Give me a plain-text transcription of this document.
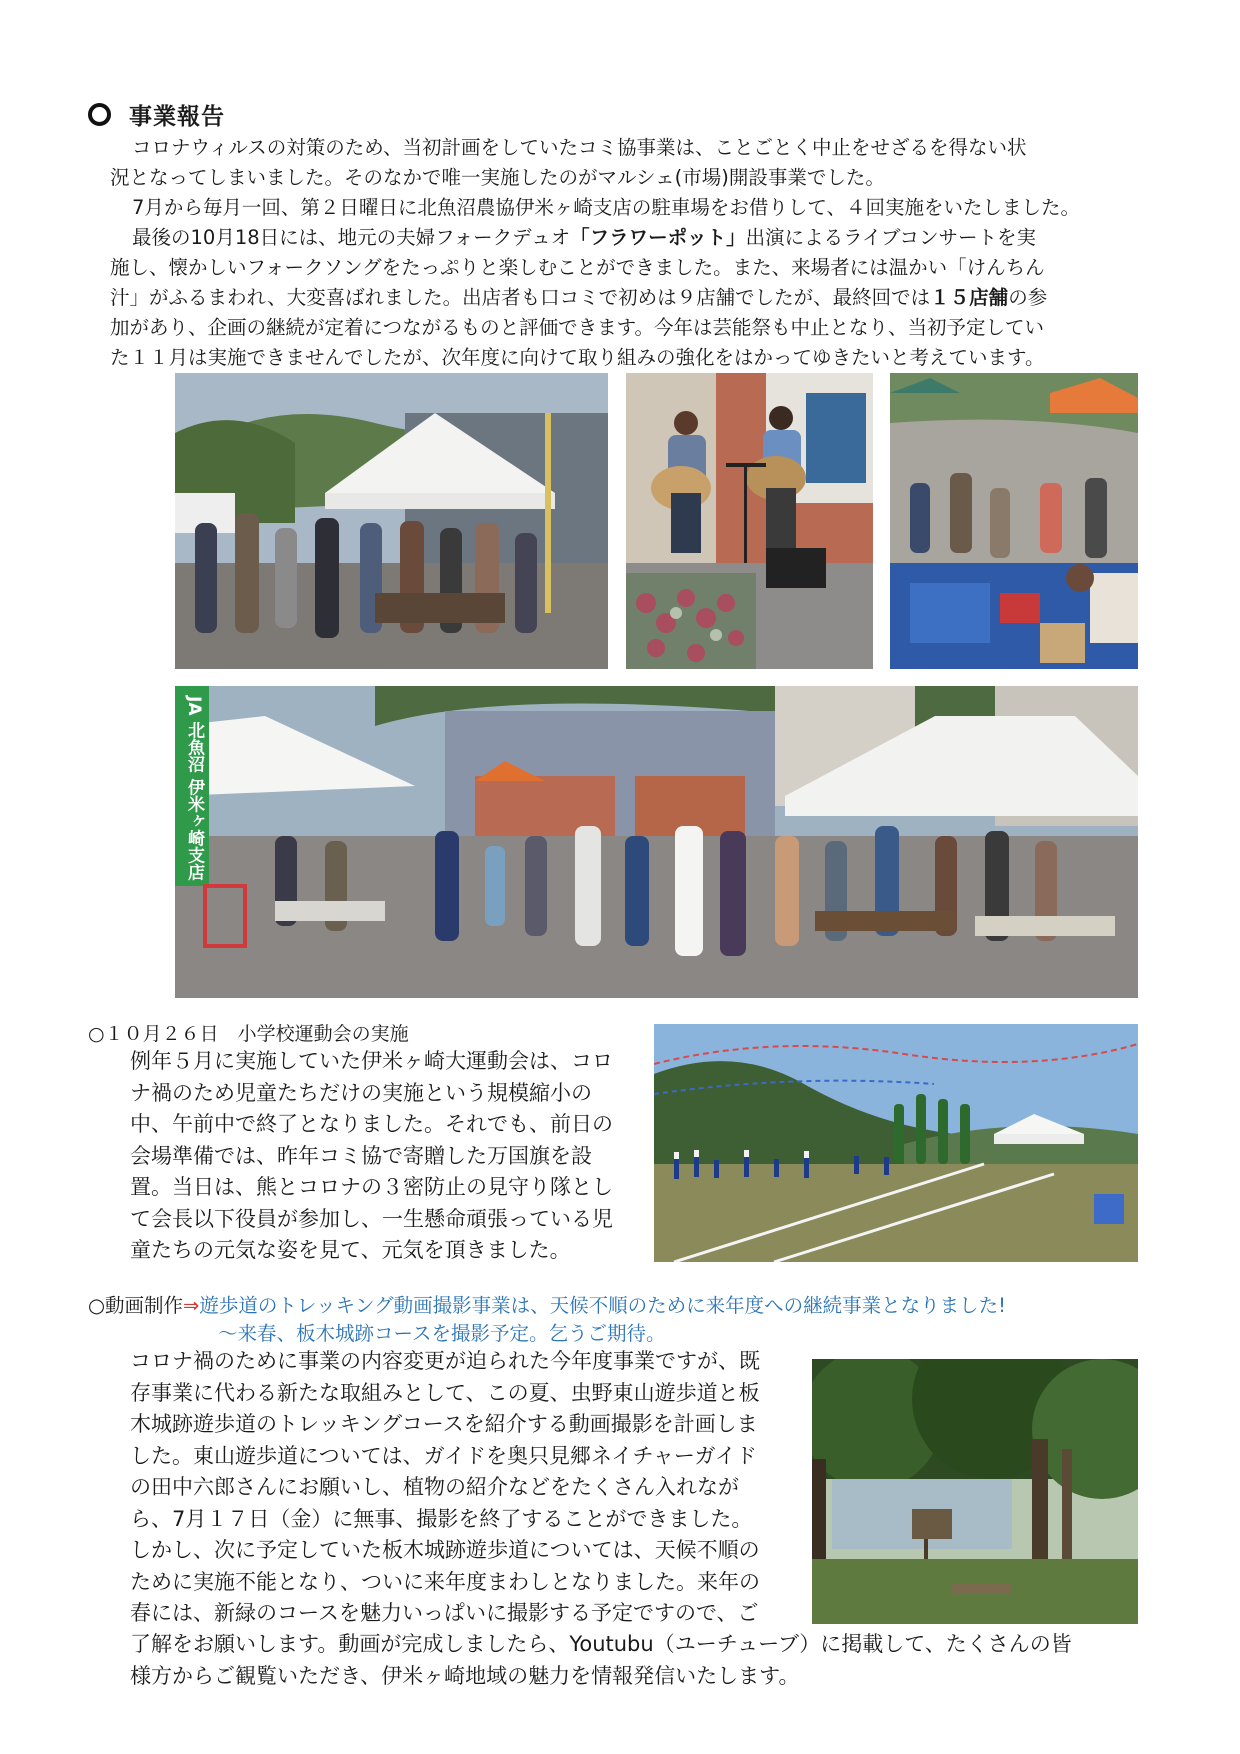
事業報告
コロナウィルスの対策のため、当初計画をしていたコミ協事業は、ことごとく中止をせざるを得ない状
況となってしまいました。そのなかで唯一実施したのがマルシェ(市場)開設事業でした。
7月から毎月一回、第２日曜日に北魚沼農協伊米ヶ崎支店の駐車場をお借りして、４回実施をいたしました。
最後の10月18日には、地元の夫婦フォークデュオ「フラワーポット」出演によるライブコンサートを実
施し、懐かしいフォークソングをたっぷりと楽しむことができました。また、来場者には温かい「けんちん
汁」がふるまわれ、大変喜ばれました。出店者も口コミで初めは９店舗でしたが、最終回では１５店舗の参
加があり、企画の継続が定着につながるものと評価できます。今年は芸能祭も中止となり、当初予定してい
た１１月は実施できませんでしたが、次年度に向けて取り組みの強化をはかってゆきたいと考えています。
JA 北魚沼 伊米ヶ崎支店
○１０月２６日　小学校運動会の実施
例年５月に実施していた伊米ヶ崎大運動会は、コロ
ナ禍のため児童たちだけの実施という規模縮小の
中、午前中で終了となりました。それでも、前日の
会場準備では、昨年コミ協で寄贈した万国旗を設
置。当日は、熊とコロナの３密防止の見守り隊とし
て会長以下役員が参加し、一生懸命頑張っている児
童たちの元気な姿を見て、元気を頂きました。
○動画制作⇒遊歩道のトレッキング動画撮影事業は、天候不順のために来年度への継続事業となりました!
～来春、板木城跡コースを撮影予定。乞うご期待。
コロナ禍のために事業の内容変更が迫られた今年度事業ですが、既
存事業に代わる新たな取組みとして、この夏、虫野東山遊歩道と板
木城跡遊歩道のトレッキングコースを紹介する動画撮影を計画しま
した。東山遊歩道については、ガイドを奥只見郷ネイチャーガイド
の田中六郎さんにお願いし、植物の紹介などをたくさん入れなが
ら、7月１７日（金）に無事、撮影を終了することができました。
しかし、次に予定していた板木城跡遊歩道については、天候不順の
ために実施不能となり、ついに来年度まわしとなりました。来年の
春には、新緑のコースを魅力いっぱいに撮影する予定ですので、ご
了解をお願いします。動画が完成しましたら、Youtubu（ユーチューブ）に掲載して、たくさんの皆
様方からご観覧いただき、伊米ヶ崎地域の魅力を情報発信いたします。
